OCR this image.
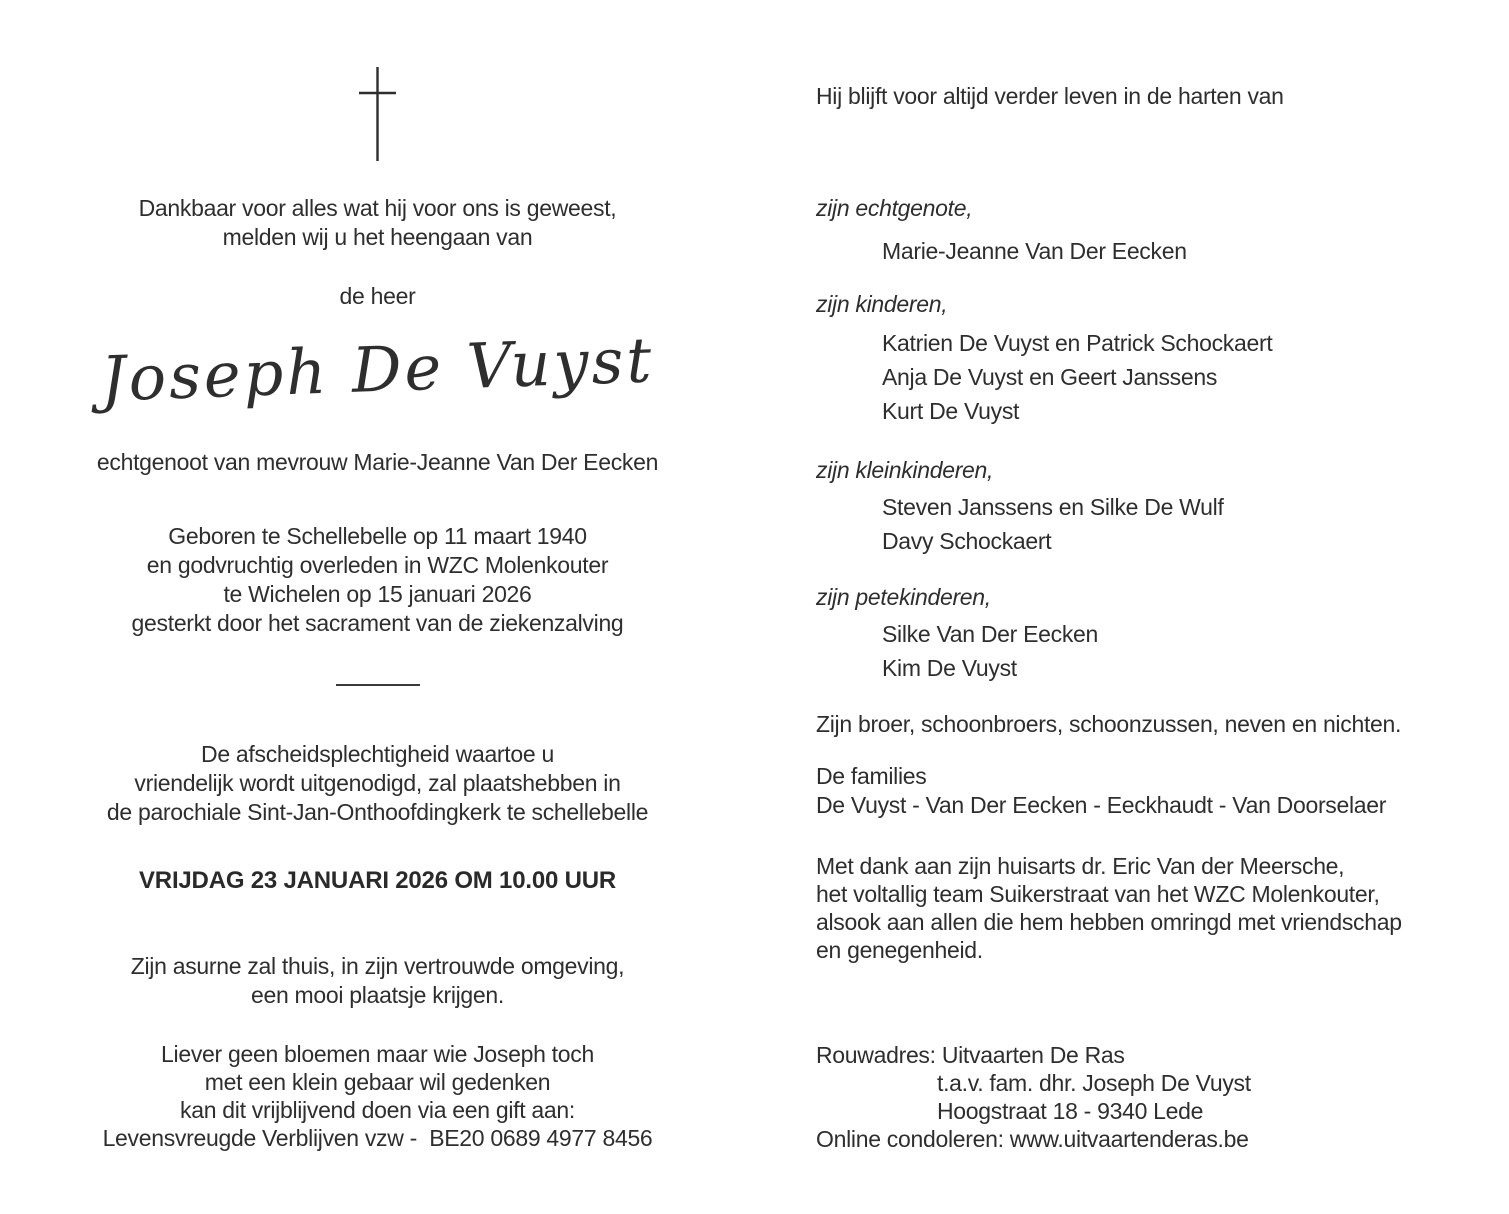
Dankbaar voor alles wat hij voor ons is geweest,
melden wij u het heengaan van
de heer
Joseph De Vuyst
echtgenoot van mevrouw Marie-Jeanne Van Der Eecken
Geboren te Schellebelle op 11 maart 1940
en godvruchtig overleden in WZC Molenkouter
te Wichelen op 15 januari 2026
gesterkt door het sacrament van de ziekenzalving
De afscheidsplechtigheid waartoe u
vriendelijk wordt uitgenodigd, zal plaatshebben in
de parochiale Sint-Jan-Onthoofdingkerk te schellebelle
VRIJDAG 23 JANUARI 2026 OM 10.00 UUR
Zijn asurne zal thuis, in zijn vertrouwde omgeving,
een mooi plaatsje krijgen.
Liever geen bloemen maar wie Joseph toch
met een klein gebaar wil gedenken
kan dit vrijblijvend doen via een gift aan:
Levensvreugde Verblijven vzw -  BE20 0689 4977 8456
Hij blijft voor altijd verder leven in de harten van
zijn echtgenote,
Marie-Jeanne Van Der Eecken
zijn kinderen,
Katrien De Vuyst en Patrick Schockaert
Anja De Vuyst en Geert Janssens
Kurt De Vuyst
zijn kleinkinderen,
Steven Janssens en Silke De Wulf
Davy Schockaert
zijn petekinderen,
Silke Van Der Eecken
Kim De Vuyst
Zijn broer, schoonbroers, schoonzussen, neven en nichten.
De families
De Vuyst - Van Der Eecken - Eeckhaudt - Van Doorselaer
Met dank aan zijn huisarts dr. Eric Van der Meersche,
het voltallig team Suikerstraat van het WZC Molenkouter,
alsook aan allen die hem hebben omringd met vriendschap
en genegenheid.
Rouwadres: Uitvaarten De Ras
t.a.v. fam. dhr. Joseph De Vuyst
Hoogstraat 18 - 9340 Lede
Online condoleren: www.uitvaartenderas.be
